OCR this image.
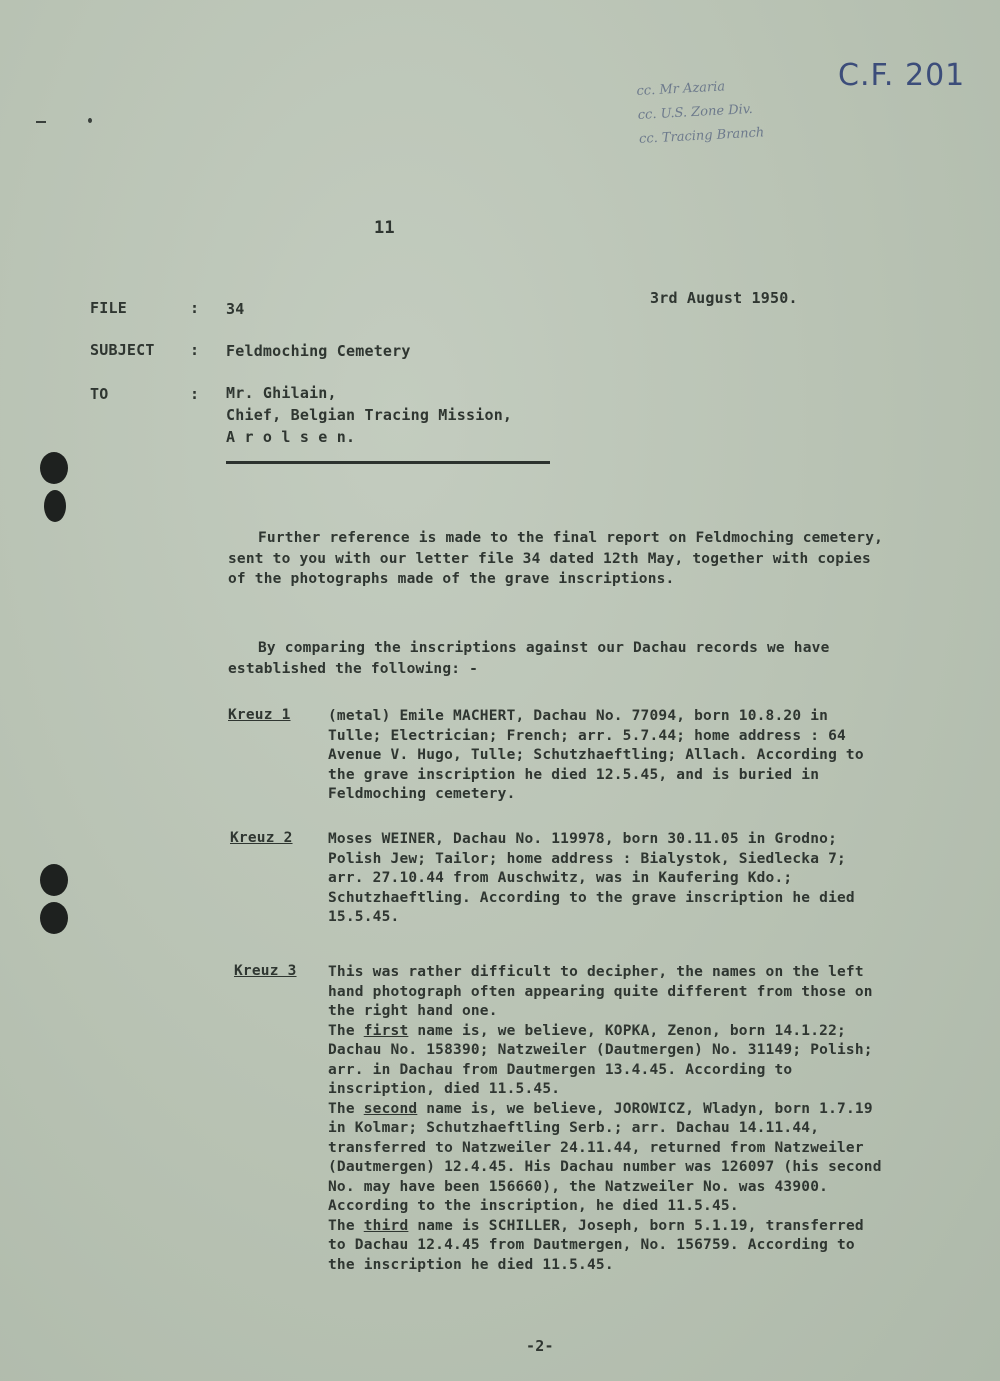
cc. Mr Azaria
cc. U.S. Zone Div.
cc. Tracing Branch
C.F. 201
11
FILE	: 34
3rd August 1950.
SUBJECT : Feldmoching Cemetery
TO	: Mr. Ghilain,
Chief, Belgian Tracing Mission,
A r o l s e n.

Further reference is made to the final report on Feldmoching cemetery, sent to you with our letter file 34 dated 12th May, together with copies of the photographs made of the grave inscriptions.

By comparing the inscriptions against our Dachau records we have established the following: -

Kreuz 1	(metal) Emile MACHERT, Dachau No. 77094, born 10.8.20 in Tulle; Electrician; French; arr. 5.7.44; home address : 64 Avenue V. Hugo, Tulle; Schutzhaeftling; Allach. According to the grave inscription he died 12.5.45, and is buried in Feldmoching cemetery.

Kreuz 2 Moses WEINER, Dachau No. 119978, born 30.11.05 in Grodno; Polish Jew; Tailor; home address : Bialystok, Siedlecka 7; arr. 27.10.44 from Auschwitz, was in Kaufering Kdo.; Schutzhaeftling. According to the grave inscription he died 15.5.45.

Kreuz 3 This was rather difficult to decipher, the names on the left hand photograph often appearing quite different from those on the right hand one.

The first name is, we believe, KOPKA, Zenon, born 14.1.22; Dachau No. 158390; Natzweiler (Dautmergen) No. 31149; Polish; arr. in Dachau from Dautmergen 13.4.45. According to inscription, died 11.5.45.

The second name is, we believe, JOROWICZ, Wladyn, born 1.7.19 in Kolmar; Schutzhaeftling Serb.; arr. Dachau 14.11.44, transferred to Natzweiler 24.11.44, returned from Natzweiler (Dautmergen) 12.4.45. His Dachau number was 126097 (his second No. may have been 156660), the Natzweiler No. was 43900. According to the inscription, he died 11.5.45.

The third name is SCHILLER, Joseph, born 5.1.19, transferred to Dachau 12.4.45 from Dautmergen, No. 156759. According to the inscription he died 11.5.45.

-2-
